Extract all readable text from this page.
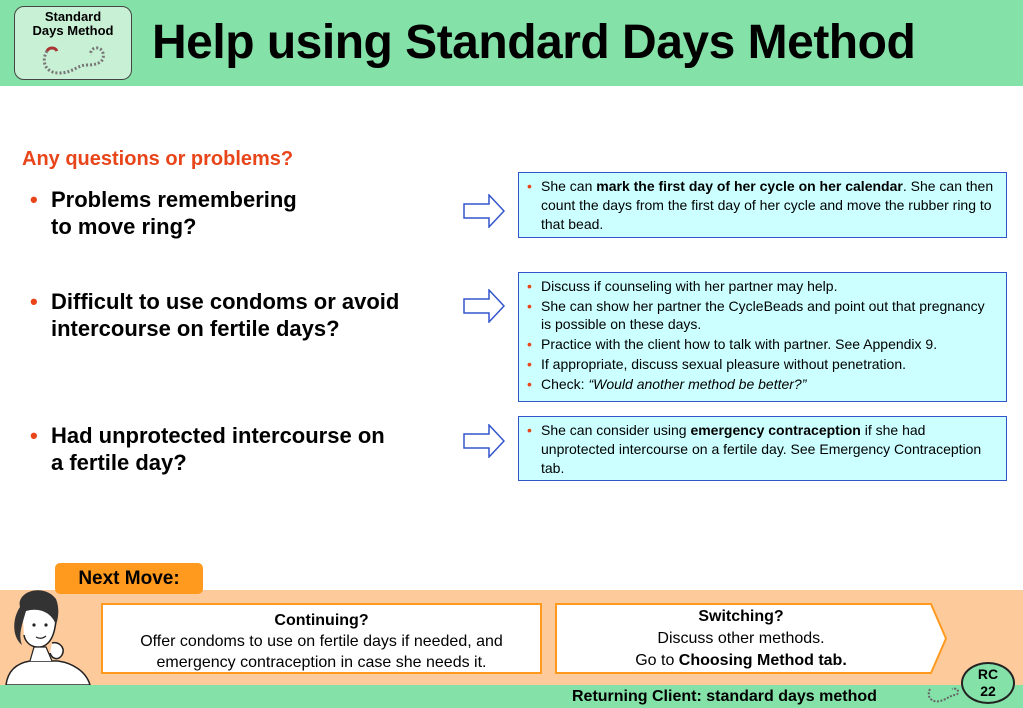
Standard
Days Method Help using Standard Days Method
Any questions or problems?
• Problems remembering
to move ring?
• Difficult to use condoms or avoid
intercourse on fertile days?
• Had unprotected intercourse on
a fertile day?
• She can mark the first day of her cycle on her calendar. She can then count the days from the first day of her cycle and move the rubber ring to that bead.
• Discuss if counseling with her partner may help.
• She can show her partner the CycleBeads and point out that pregnancy is possible on these days.
• Practice with the client how to talk with partner. See Appendix 9.
• If appropriate, discuss sexual pleasure without penetration.
• Check: “Would another method be better?”
• She can consider using emergency contraception if she had unprotected intercourse on a fertile day. See Emergency Contraception tab.
Next Move:
Continuing?
Offer condoms to use on fertile days if needed, and emergency contraception in case she needs it.
Switching?
Discuss other methods.
Go to Choosing Method tab.
Returning Client: standard days method
RC
22
